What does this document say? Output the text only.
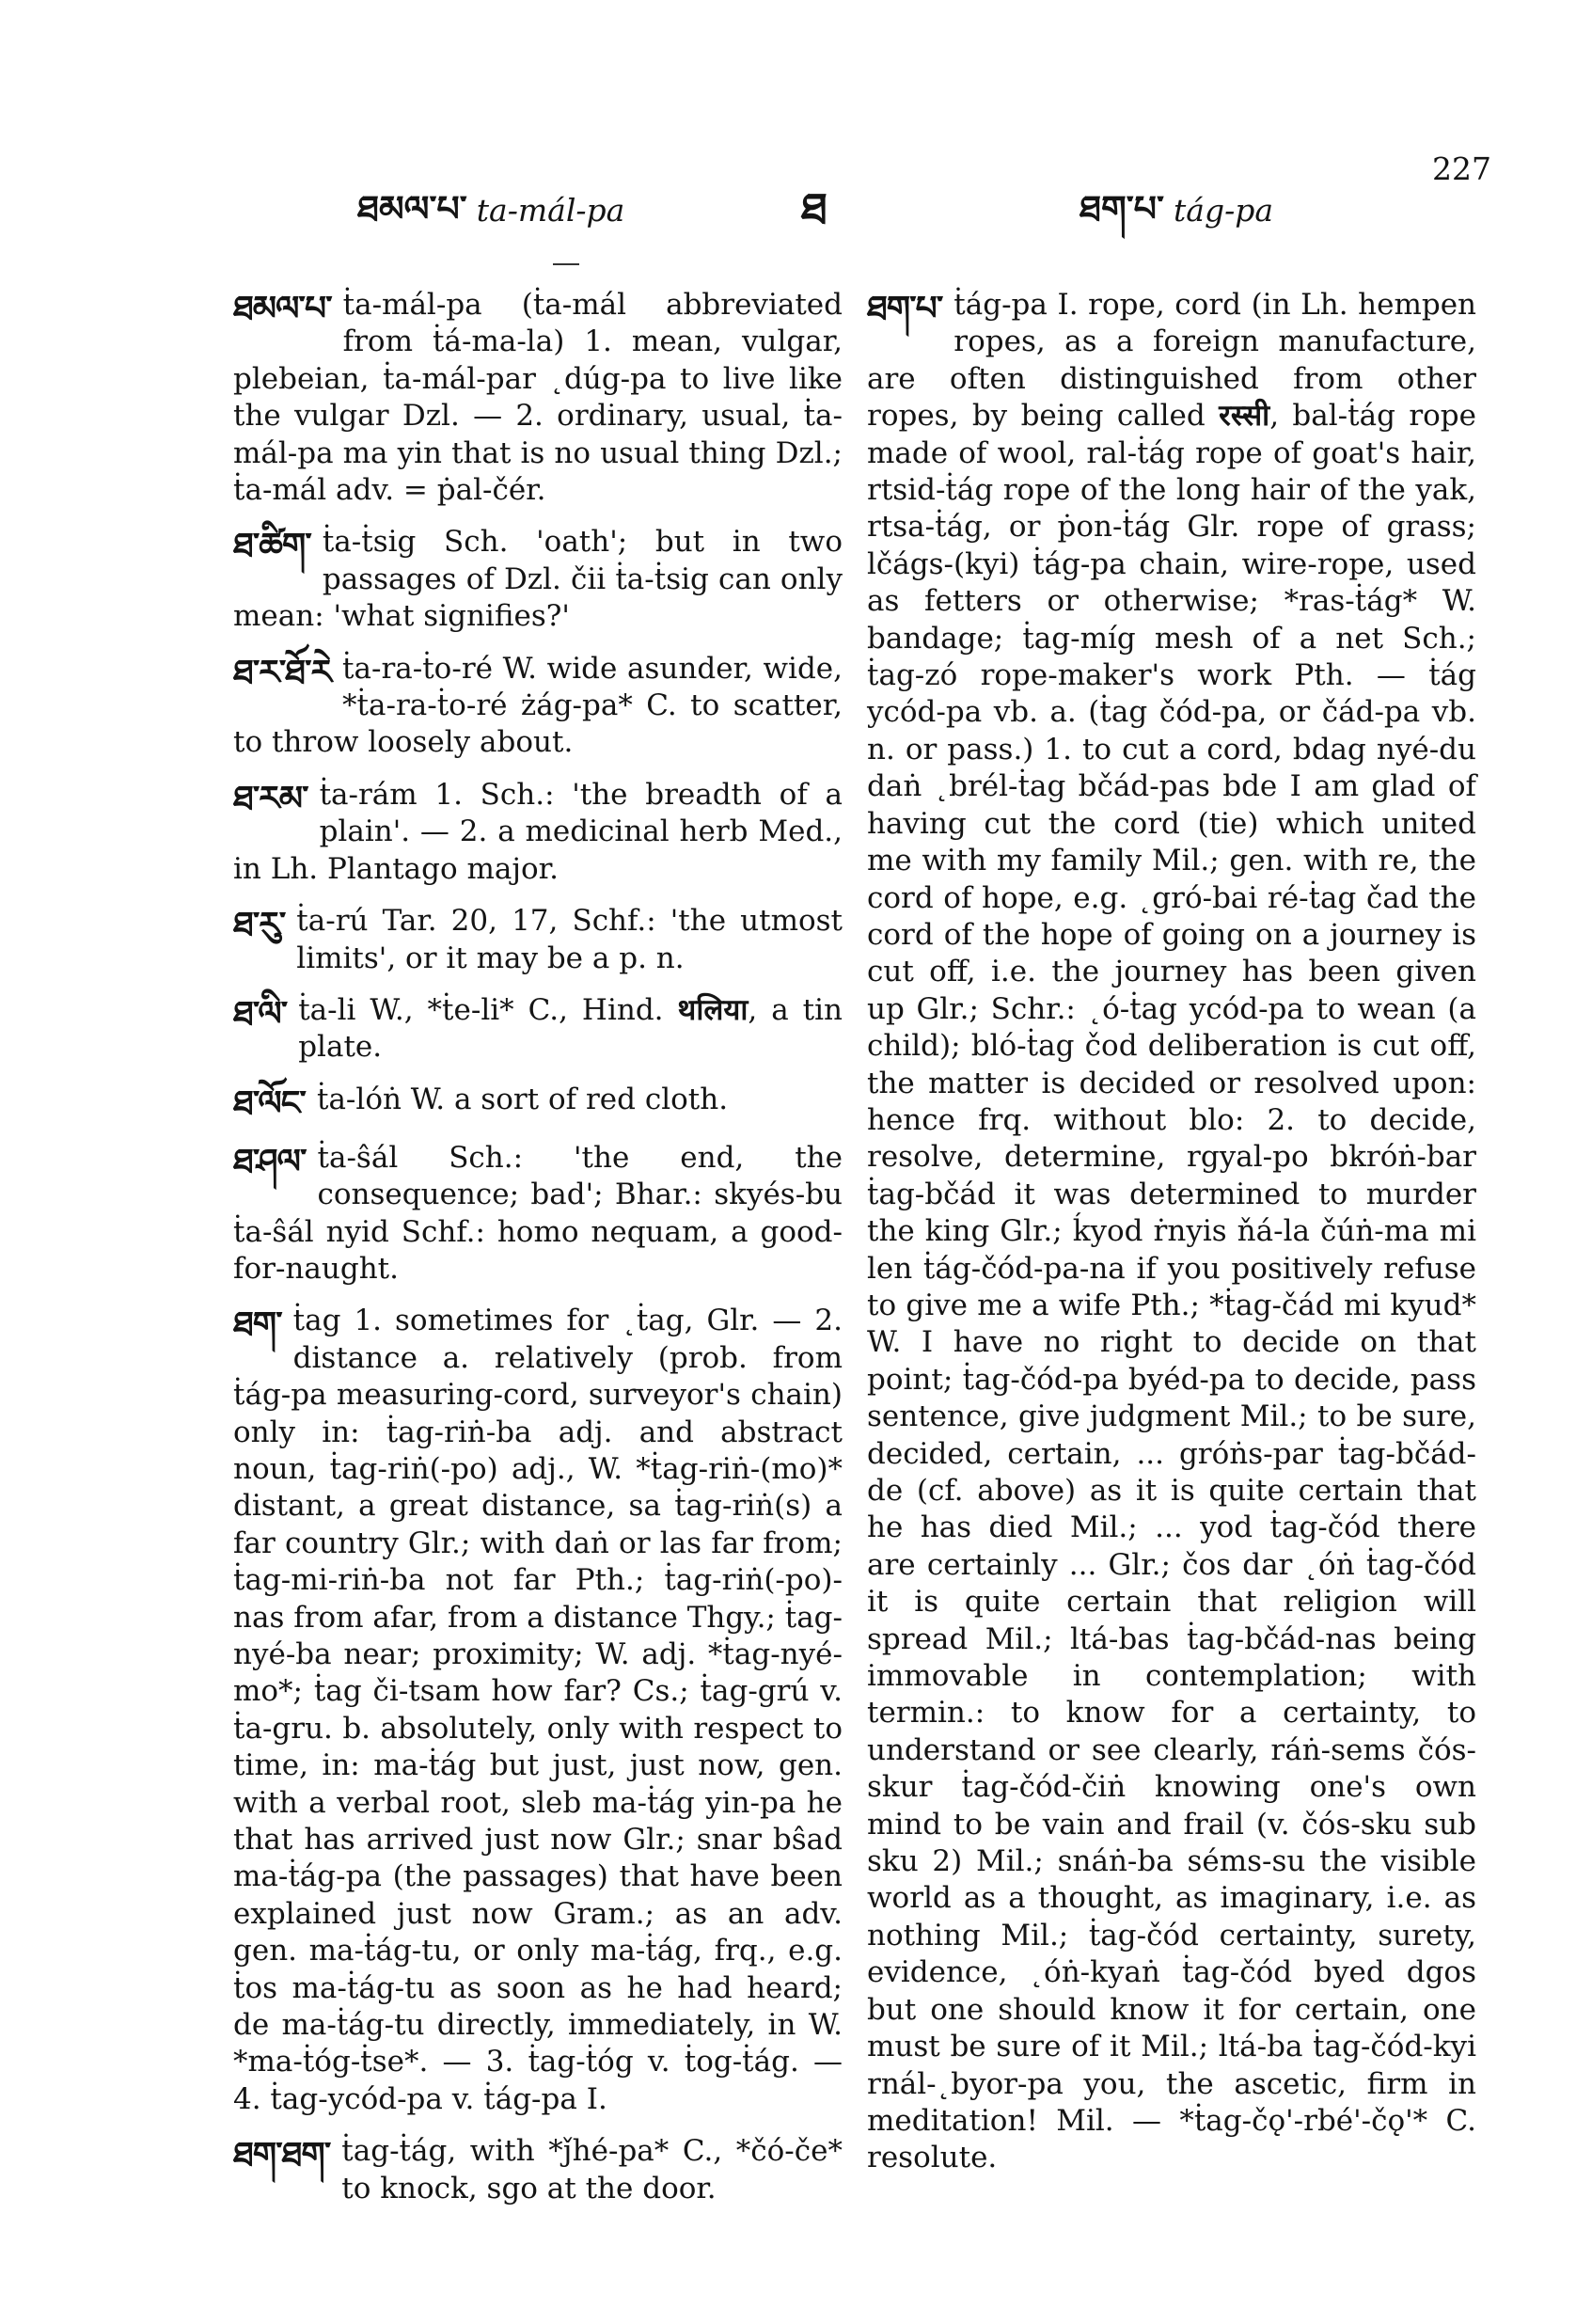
ཐམལ་པ་ ta-mál-pa	ཐ	ཐག་པ་ tág-pa
227
ཐམལ་པ་ ṫa-mál-pa (ṫa-mál abbreviated from ṫá-ma-la) 1. mean, vulgar, plebeian, ṫa-mál-par ˛dúg-pa to live like the vulgar Dzl. — 2. ordinary, usual, ṫa-mál-pa ma yin that is no usual thing Dzl.; ṫa-mál adv. = ṗal-čér.
ཐ་ཚིག་ ṫa-ṫsig Sch. 'oath'; but in two passages of Dzl. čii ṫa-ṫsig can only mean: 'what signifies?'
ཐ་ར་ཐོ་རེ ṫa-ra-ṫo-ré W. wide asunder, wide, *ṫa-ra-ṫo-ré żág-pa* C. to scatter, to throw loosely about.
ཐ་རམ་ ṫa-rám 1. Sch.: 'the breadth of a plain'. — 2. a medicinal herb Med., in Lh. Plantago major.
ཐ་རུ་ ṫa-rú Tar. 20, 17, Schf.: 'the utmost limits', or it may be a p. n.
ཐ་ལི་ ṫa-li W., *ṫe-li* C., Hind. थलिया, a tin plate.
ཐ་ལོང་ ṫa-lóṅ W. a sort of red cloth.
ཐ་ཤལ་ ṫa-ŝál Sch.: 'the end, the consequence; bad'; Bhar.: skyés-bu ṫa-ŝál nyid Schf.: homo nequam, a good-for-naught.
ཐག་ ṫag 1. sometimes for ˛ṫag, Glr. — 2. distance a. relatively (prob. from ṫág-pa measuring-cord, surveyor's chain) only in: ṫag-riṅ-ba adj. and abstract noun, ṫag-riṅ(-po) adj., W. *ṫag-riṅ-(mo)* distant, a great distance, sa ṫag-riṅ(s) a far country Glr.; with daṅ or las far from; ṫag-mi-riṅ-ba not far Pth.; ṫag-riṅ(-po)-nas from afar, from a distance Thgy.; ṫag-nyé-ba near; proximity; W. adj. *ṫag-nyé-mo*; ṫag či-tsam how far? Cs.; ṫag-grú v. ṫa-gru. b. absolutely, only with respect to time, in: ma-ṫág but just, just now, gen. with a verbal root, sleb ma-ṫág yin-pa he that has arrived just now Glr.; snar bŝad ma-ṫág-pa (the passages) that have been explained just now Gram.; as an adv. gen. ma-ṫág-tu, or only ma-ṫág, frq., e.g. ṫos ma-ṫág-tu as soon as he had heard; de ma-ṫág-tu directly, immediately, in W. *ma-ṫóg-ṫse*. — 3. ṫag-ṫóg v. ṫog-ṫág. — 4. ṫag-ycód-pa v. ṫág-pa I.
ཐག་ཐག་ ṫag-ṫág, with *ǰhé-pa* C., *čó-če* to knock, sgo at the door.
ཐག་པ་ ṫág-pa I. rope, cord (in Lh. hempen ropes, as a foreign manufacture, are often distinguished from other ropes, by being called रस्सी, bal-ṫág rope made of wool, ral-ṫág rope of goat's hair, rtsid-ṫág rope of the long hair of the yak, rtsa-ṫág, or ṗon-ṫág Glr. rope of grass; lčágs-(kyi) ṫág-pa chain, wire-rope, used as fetters or otherwise; *ras-ṫág* W. bandage; ṫag-míg mesh of a net Sch.; ṫag-zó rope-maker's work Pth. — ṫág ycód-pa vb. a. (ṫag čód-pa, or čád-pa vb. n. or pass.) 1. to cut a cord, bdag nyé-du daṅ ˛brél-ṫag bčád-pas bde I am glad of having cut the cord (tie) which united me with my family Mil.; gen. with re, the cord of hope, e.g. ˛gró-bai ré-ṫag čad the cord of the hope of going on a journey is cut off, i.e. the journey has been given up Glr.; Schr.: ˛ó-ṫag ycód-pa to wean (a child); bló-ṫag čod deliberation is cut off, the matter is decided or resolved upon: hence frq. without blo: 2. to decide, resolve, determine, rgyal-po bkróṅ-bar ṫag-bčád it was determined to murder the king Glr.; ḱyod ṙnyis ňá-la čúṅ-ma mi len ṫág-čód-pa-na if you positively refuse to give me a wife Pth.; *ṫag-čád mi kyud* W. I have no right to decide on that point; ṫag-čód-pa byéd-pa to decide, pass sentence, give judgment Mil.; to be sure, decided, certain, ... gróṅs-par ṫag-bčád-de (cf. above) as it is quite certain that he has died Mil.; ... yod ṫag-čód there are certainly ... Glr.; čos dar ˛óṅ ṫag-čód it is quite certain that religion will spread Mil.; ltá-bas ṫag-bčád-nas being immovable in contemplation; with termin.: to know for a certainty, to understand or see clearly, ráṅ-sems čós-skur ṫag-čód-čiṅ knowing one's own mind to be vain and frail (v. čós-sku sub sku 2) Mil.; snáṅ-ba séms-su the visible world as a thought, as imaginary, i.e. as nothing Mil.; ṫag-čód certainty, surety, evidence, ˛óṅ-kyaṅ ṫag-čód byed dgos but one should know it for certain, one must be sure of it Mil.; ltá-ba ṫag-čód-kyi rnál-˛byor-pa you, the ascetic, firm in meditation! Mil. — *ṫag-čǫ'-rbé'-čǫ'* C. resolute.
